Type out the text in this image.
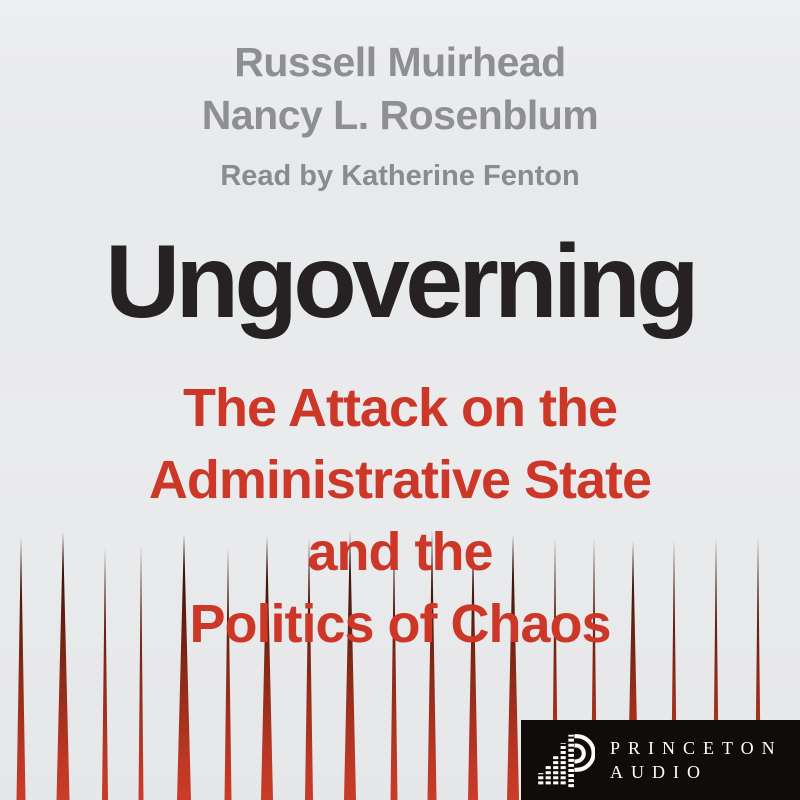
Russell Muirhead
Nancy L. Rosenblum
Read by Katherine Fenton
Ungoverning
The Attack on the
Administrative State
and the
Politics of Chaos
PRINCETON
AUDIO
